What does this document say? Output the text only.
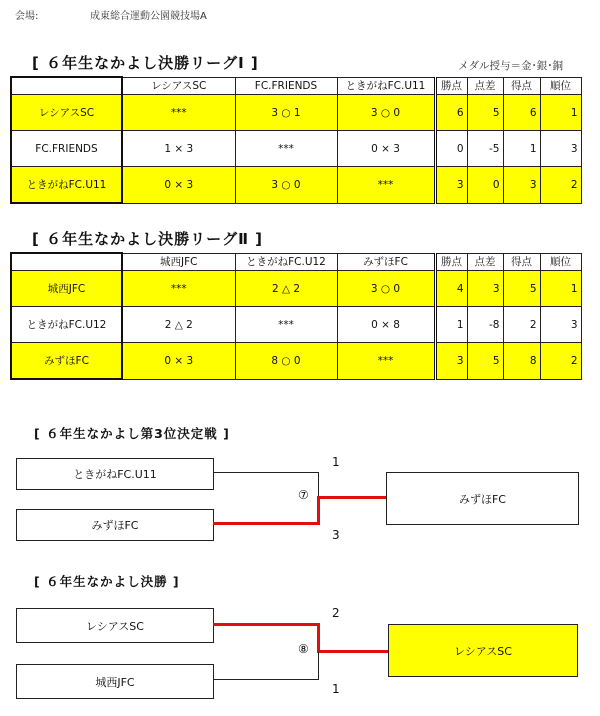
会場:	成東総合運動公園競技場A
[ ６年生なかよし決勝リーグⅠ ]	メダル授与＝金･銀･銅
	レシアスSC	FC.FRIENDS	ときがねFC.U11	勝点	点差	得点	順位
レシアスSC	***	3 ○ 1	3 ○ 0	6	5	6	1
FC.FRIENDS	1 × 3	***	0 × 3	0	-5	1	3
ときがねFC.U11	0 × 3	3 ○ 0	***	3	0	3	2
[ ６年生なかよし決勝リーグⅡ ]
	城西JFC	ときがねFC.U12	みずほFC	勝点	点差	得点	順位
城西JFC	***	2 △ 2	3 ○ 0	4	3	5	1
ときがねFC.U12	2 △ 2	***	0 × 8	1	-8	2	3
みずほFC	0 × 3	8 ○ 0	***	3	5	8	2
[ ６年生なかよし第3位決定戦 ]
ときがねFC.U11
みずほFC
みずほFC
1
3
⑦
[ ６年生なかよし決勝 ]
レシアスSC
城西JFC
レシアスSC
2
1
⑧
